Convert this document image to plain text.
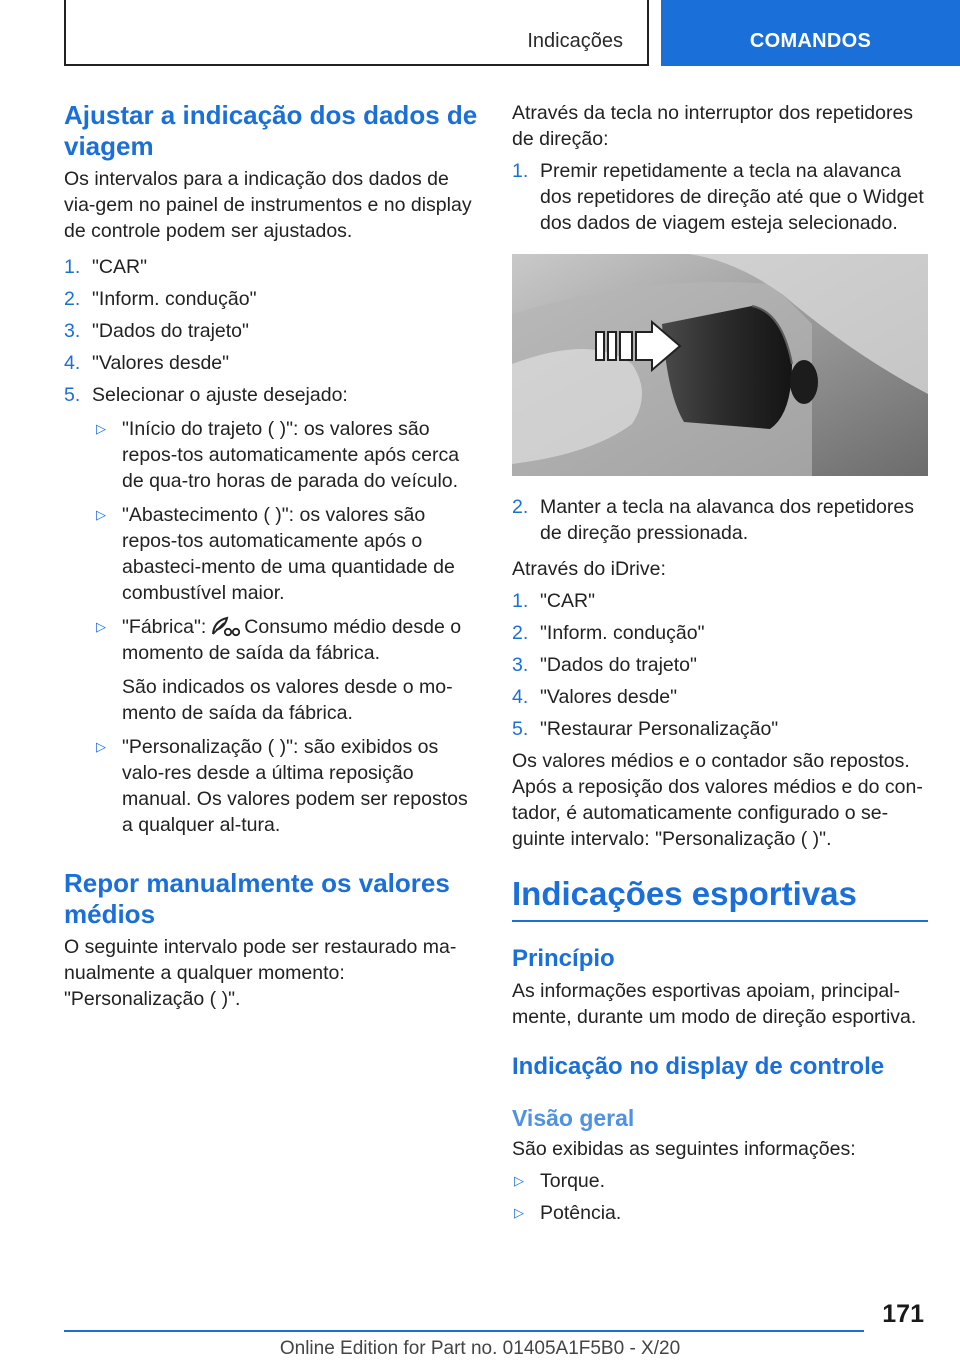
Indicações	COMANDOS
Ajustar a indicação dos dados de viagem
Os intervalos para a indicação dos dados de via-gem no painel de instrumentos e no display de controle podem ser ajustados.
1. "CAR"
2. "Inform. condução"
3. "Dados do trajeto"
4. "Valores desde"
5. Selecionar o ajuste desejado:
▷ "Início do trajeto ( )": os valores são repos-tos automaticamente após cerca de qua-tro horas de parada do veículo.
▷ "Abastecimento ( )": os valores são repos-tos automaticamente após o abasteci-mento de uma quantidade de combustível maior.
▷ "Fábrica": Consumo médio desde o momento de saída da fábrica.
São indicados os valores desde o mo-mento de saída da fábrica.
▷ "Personalização ( )": são exibidos os valo-res desde a última reposição manual. Os valores podem ser repostos a qualquer al-tura.
Repor manualmente os valores médios
O seguinte intervalo pode ser restaurado ma-nualmente a qualquer momento: "Personalização ( )".
Através da tecla no interruptor dos repetidores de direção:
1. Premir repetidamente a tecla na alavanca dos repetidores de direção até que o Widget dos dados de viagem esteja selecionado.
2. Manter a tecla na alavanca dos repetidores de direção pressionada.
Através do iDrive:
1. "CAR"
2. "Inform. condução"
3. "Dados do trajeto"
4. "Valores desde"
5. "Restaurar Personalização"
Os valores médios e o contador são repostos. Após a reposição dos valores médios e do con-tador, é automaticamente configurado o se-guinte intervalo: "Personalização ( )".
Indicações esportivas
Princípio
As informações esportivas apoiam, principal-mente, durante um modo de direção esportiva.
Indicação no display de controle
Visão geral
São exibidas as seguintes informações:
▷ Torque.
▷ Potência.
171
Online Edition for Part no. 01405A1F5B0 - X/20
